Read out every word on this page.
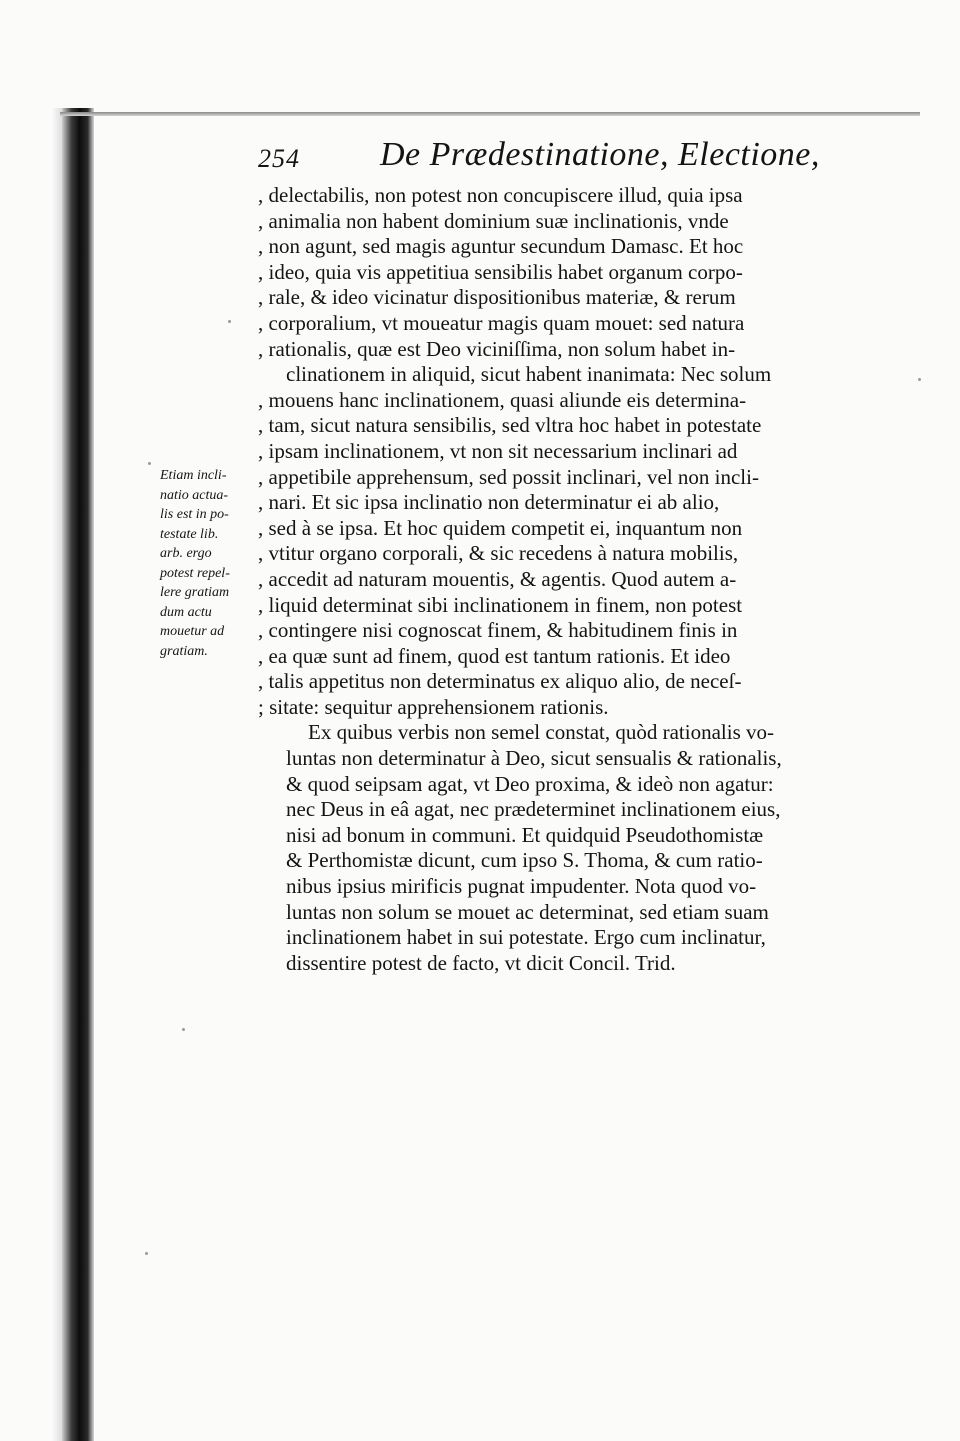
254 De Prædestinatione, Electione,
Etiam incli-
natio actua-
lis est in po-
testate lib.
arb. ergo
potest repel-
lere gratiam
dum actu
mouetur ad
gratiam.
, delectabilis, non potest non concupiscere illud, quia ipsa
, animalia non habent dominium suæ inclinationis, vnde
, non agunt, sed magis aguntur secundum Damasc. Et hoc
, ideo, quia vis appetitiua sensibilis habet organum corpo-
, rale, & ideo vicinatur dispositionibus materiæ, & rerum
, corporalium, vt moueatur magis quam mouet: sed natura
, rationalis, quæ est Deo viciniſſima, non solum habet in-
clinationem in aliquid, sicut habent inanimata: Nec solum
, mouens hanc inclinationem, quasi aliunde eis determina-
, tam, sicut natura sensibilis, sed vltra hoc habet in potestate
, ipsam inclinationem, vt non sit necessarium inclinari ad
, appetibile apprehensum, sed possit inclinari, vel non incli-
, nari. Et sic ipsa inclinatio non determinatur ei ab alio,
, sed à se ipsa. Et hoc quidem competit ei, inquantum non
, vtitur organo corporali, & sic recedens à natura mobilis,
, accedit ad naturam mouentis, & agentis. Quod autem a-
, liquid determinat sibi inclinationem in finem, non potest
, contingere nisi cognoscat finem, & habitudinem finis in
, ea quæ sunt ad finem, quod est tantum rationis. Et ideo
, talis appetitus non determinatus ex aliquo alio, de neceſ-
; sitate: sequitur apprehensionem rationis.
Ex quibus verbis non semel constat, quòd rationalis vo-
luntas non determinatur à Deo, sicut sensualis & rationalis,
& quod seipsam agat, vt Deo proxima, & ideò non agatur:
nec Deus in eâ agat, nec prædeterminet inclinationem eius,
nisi ad bonum in communi. Et quidquid Pseudothomistæ
& Perthomistæ dicunt, cum ipso S. Thoma, & cum ratio-
nibus ipsius mirificis pugnat impudenter. Nota quod vo-
luntas non solum se mouet ac determinat, sed etiam suam
inclinationem habet in sui potestate. Ergo cum inclinatur,
dissentire potest de facto, vt dicit Concil. Trid.
